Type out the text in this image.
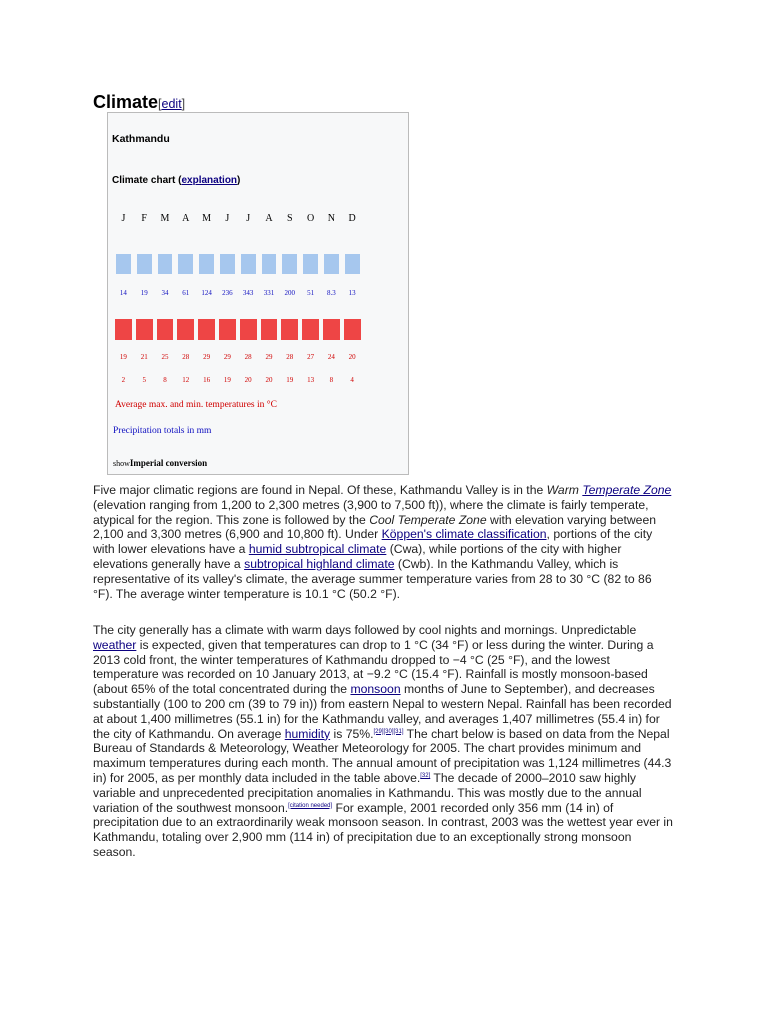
Climate[edit]
Kathmandu
Climate chart (explanation)
J	F	M	A	M	J	J	A	S	O	N	D
14	19	34	61	124	236	343	331	200	51	8.3	13
19	21	25	28	29	29	28	29	28	27	24	20
2	5	8	12	16	19	20	20	19	13	8	4
Average max. and min. temperatures in °C
Precipitation totals in mm
showImperial conversion

Five major climatic regions are found in Nepal. Of these, Kathmandu Valley is in the Warm Temperate Zone (elevation ranging from 1,200 to 2,300 metres (3,900 to 7,500 ft)), where the climate is fairly temperate, atypical for the region. This zone is followed by the Cool Temperate Zone with elevation varying between 2,100 and 3,300 metres (6,900 and 10,800 ft). Under Köppen's climate classification, portions of the city with lower elevations have a humid subtropical climate (Cwa), while portions of the city with higher elevations generally have a subtropical highland climate (Cwb). In the Kathmandu Valley, which is representative of its valley's climate, the average summer temperature varies from 28 to 30 °C (82 to 86 °F). The average winter temperature is 10.1 °C (50.2 °F).

The city generally has a climate with warm days followed by cool nights and mornings. Unpredictable weather is expected, given that temperatures can drop to 1 °C (34 °F) or less during the winter. During a 2013 cold front, the winter temperatures of Kathmandu dropped to −4 °C (25 °F), and the lowest temperature was recorded on 10 January 2013, at −9.2 °C (15.4 °F). Rainfall is mostly monsoon-based (about 65% of the total concentrated during the monsoon months of June to September), and decreases substantially (100 to 200 cm (39 to 79 in)) from eastern Nepal to western Nepal. Rainfall has been recorded at about 1,400 millimetres (55.1 in) for the Kathmandu valley, and averages 1,407 millimetres (55.4 in) for the city of Kathmandu. On average humidity is 75%.[29][30][31] The chart below is based on data from the Nepal Bureau of Standards & Meteorology, Weather Meteorology for 2005. The chart provides minimum and maximum temperatures during each month. The annual amount of precipitation was 1,124 millimetres (44.3 in) for 2005, as per monthly data included in the table above.[32] The decade of 2000–2010 saw highly variable and unprecedented precipitation anomalies in Kathmandu. This was mostly due to the annual variation of the southwest monsoon.[citation needed] For example, 2001 recorded only 356 mm (14 in) of precipitation due to an extraordinarily weak monsoon season. In contrast, 2003 was the wettest year ever in Kathmandu, totaling over 2,900 mm (114 in) of precipitation due to an exceptionally strong monsoon season.
